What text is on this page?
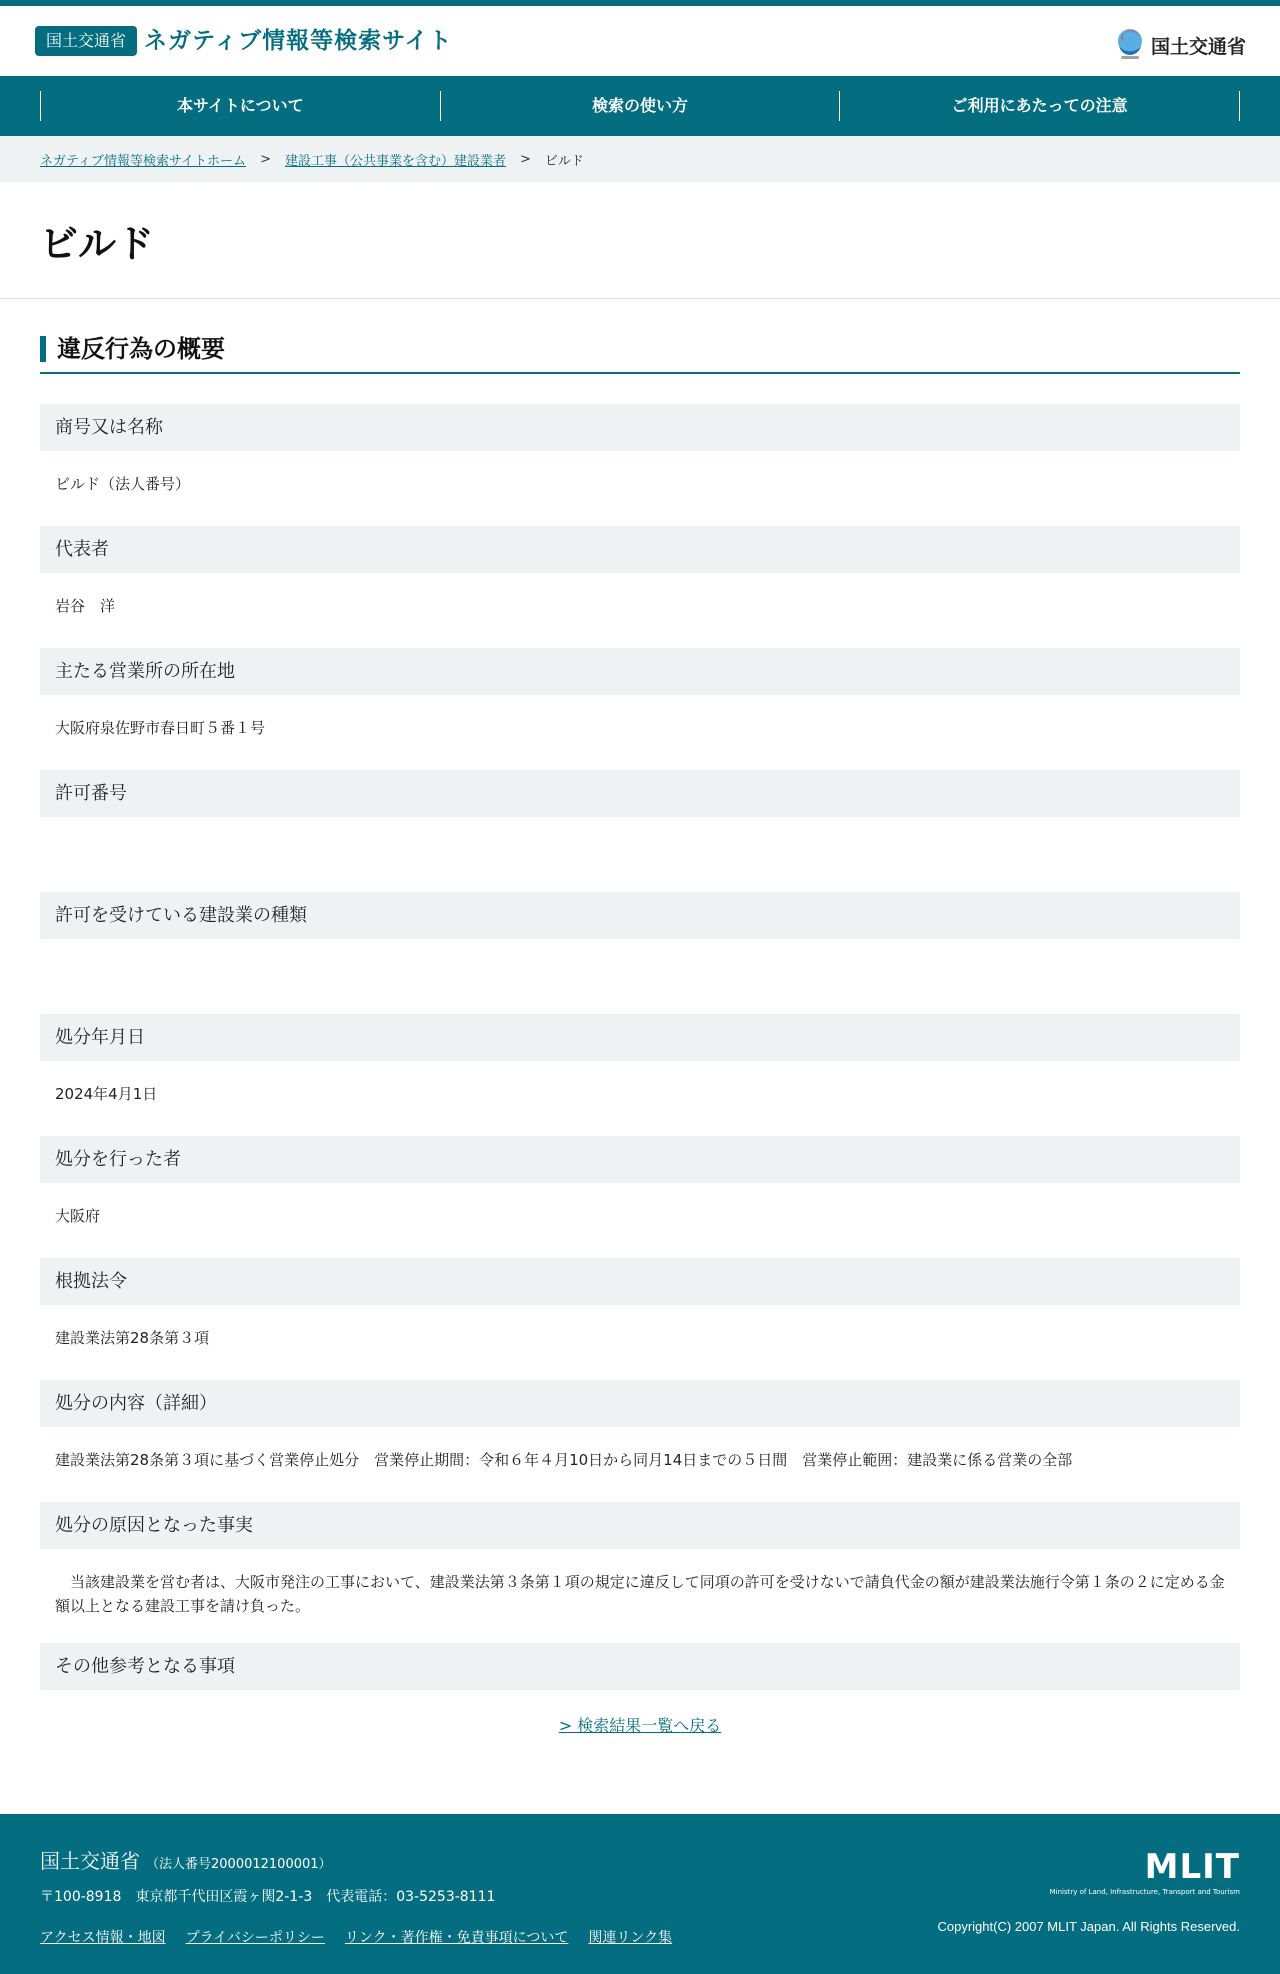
国土交通省 ネガティブ情報等検索サイト	国土交通省
本サイトについて	検索の使い方	ご利用にあたっての注意
ネガティブ情報等検索サイトホーム > 建設工事（公共事業を含む）建設業者 > ビルド
ビルド
違反行為の概要
商号又は名称
ビルド（法人番号）
代表者
岩谷　洋
主たる営業所の所在地
大阪府泉佐野市春日町５番１号
許可番号
許可を受けている建設業の種類
処分年月日
2024年4月1日
処分を行った者
大阪府
根拠法令
建設業法第28条第３項
処分の内容（詳細）
建設業法第28条第３項に基づく営業停止処分　営業停止期間：令和６年４月10日から同月14日までの５日間　営業停止範囲：建設業に係る営業の全部
処分の原因となった事実
当該建設業を営む者は、大阪市発注の工事において、建設業法第３条第１項の規定に違反して同項の許可を受けないで請負代金の額が建設業法施行令第１条の２に定める金額以上となる建設工事を請け負った。
その他参考となる事項
> 検索結果一覧へ戻る
国土交通省 （法人番号2000012100001）
〒100-8918　東京都千代田区霞ヶ関2-1-3　代表電話：03-5253-8111
アクセス情報・地図 プライバシーポリシー リンク・著作権・免責事項について 関連リンク集
MLIT
Ministry of Land, Infrastructure, Transport and Tourism
Copyright(C) 2007 MLIT Japan. All Rights Reserved.
